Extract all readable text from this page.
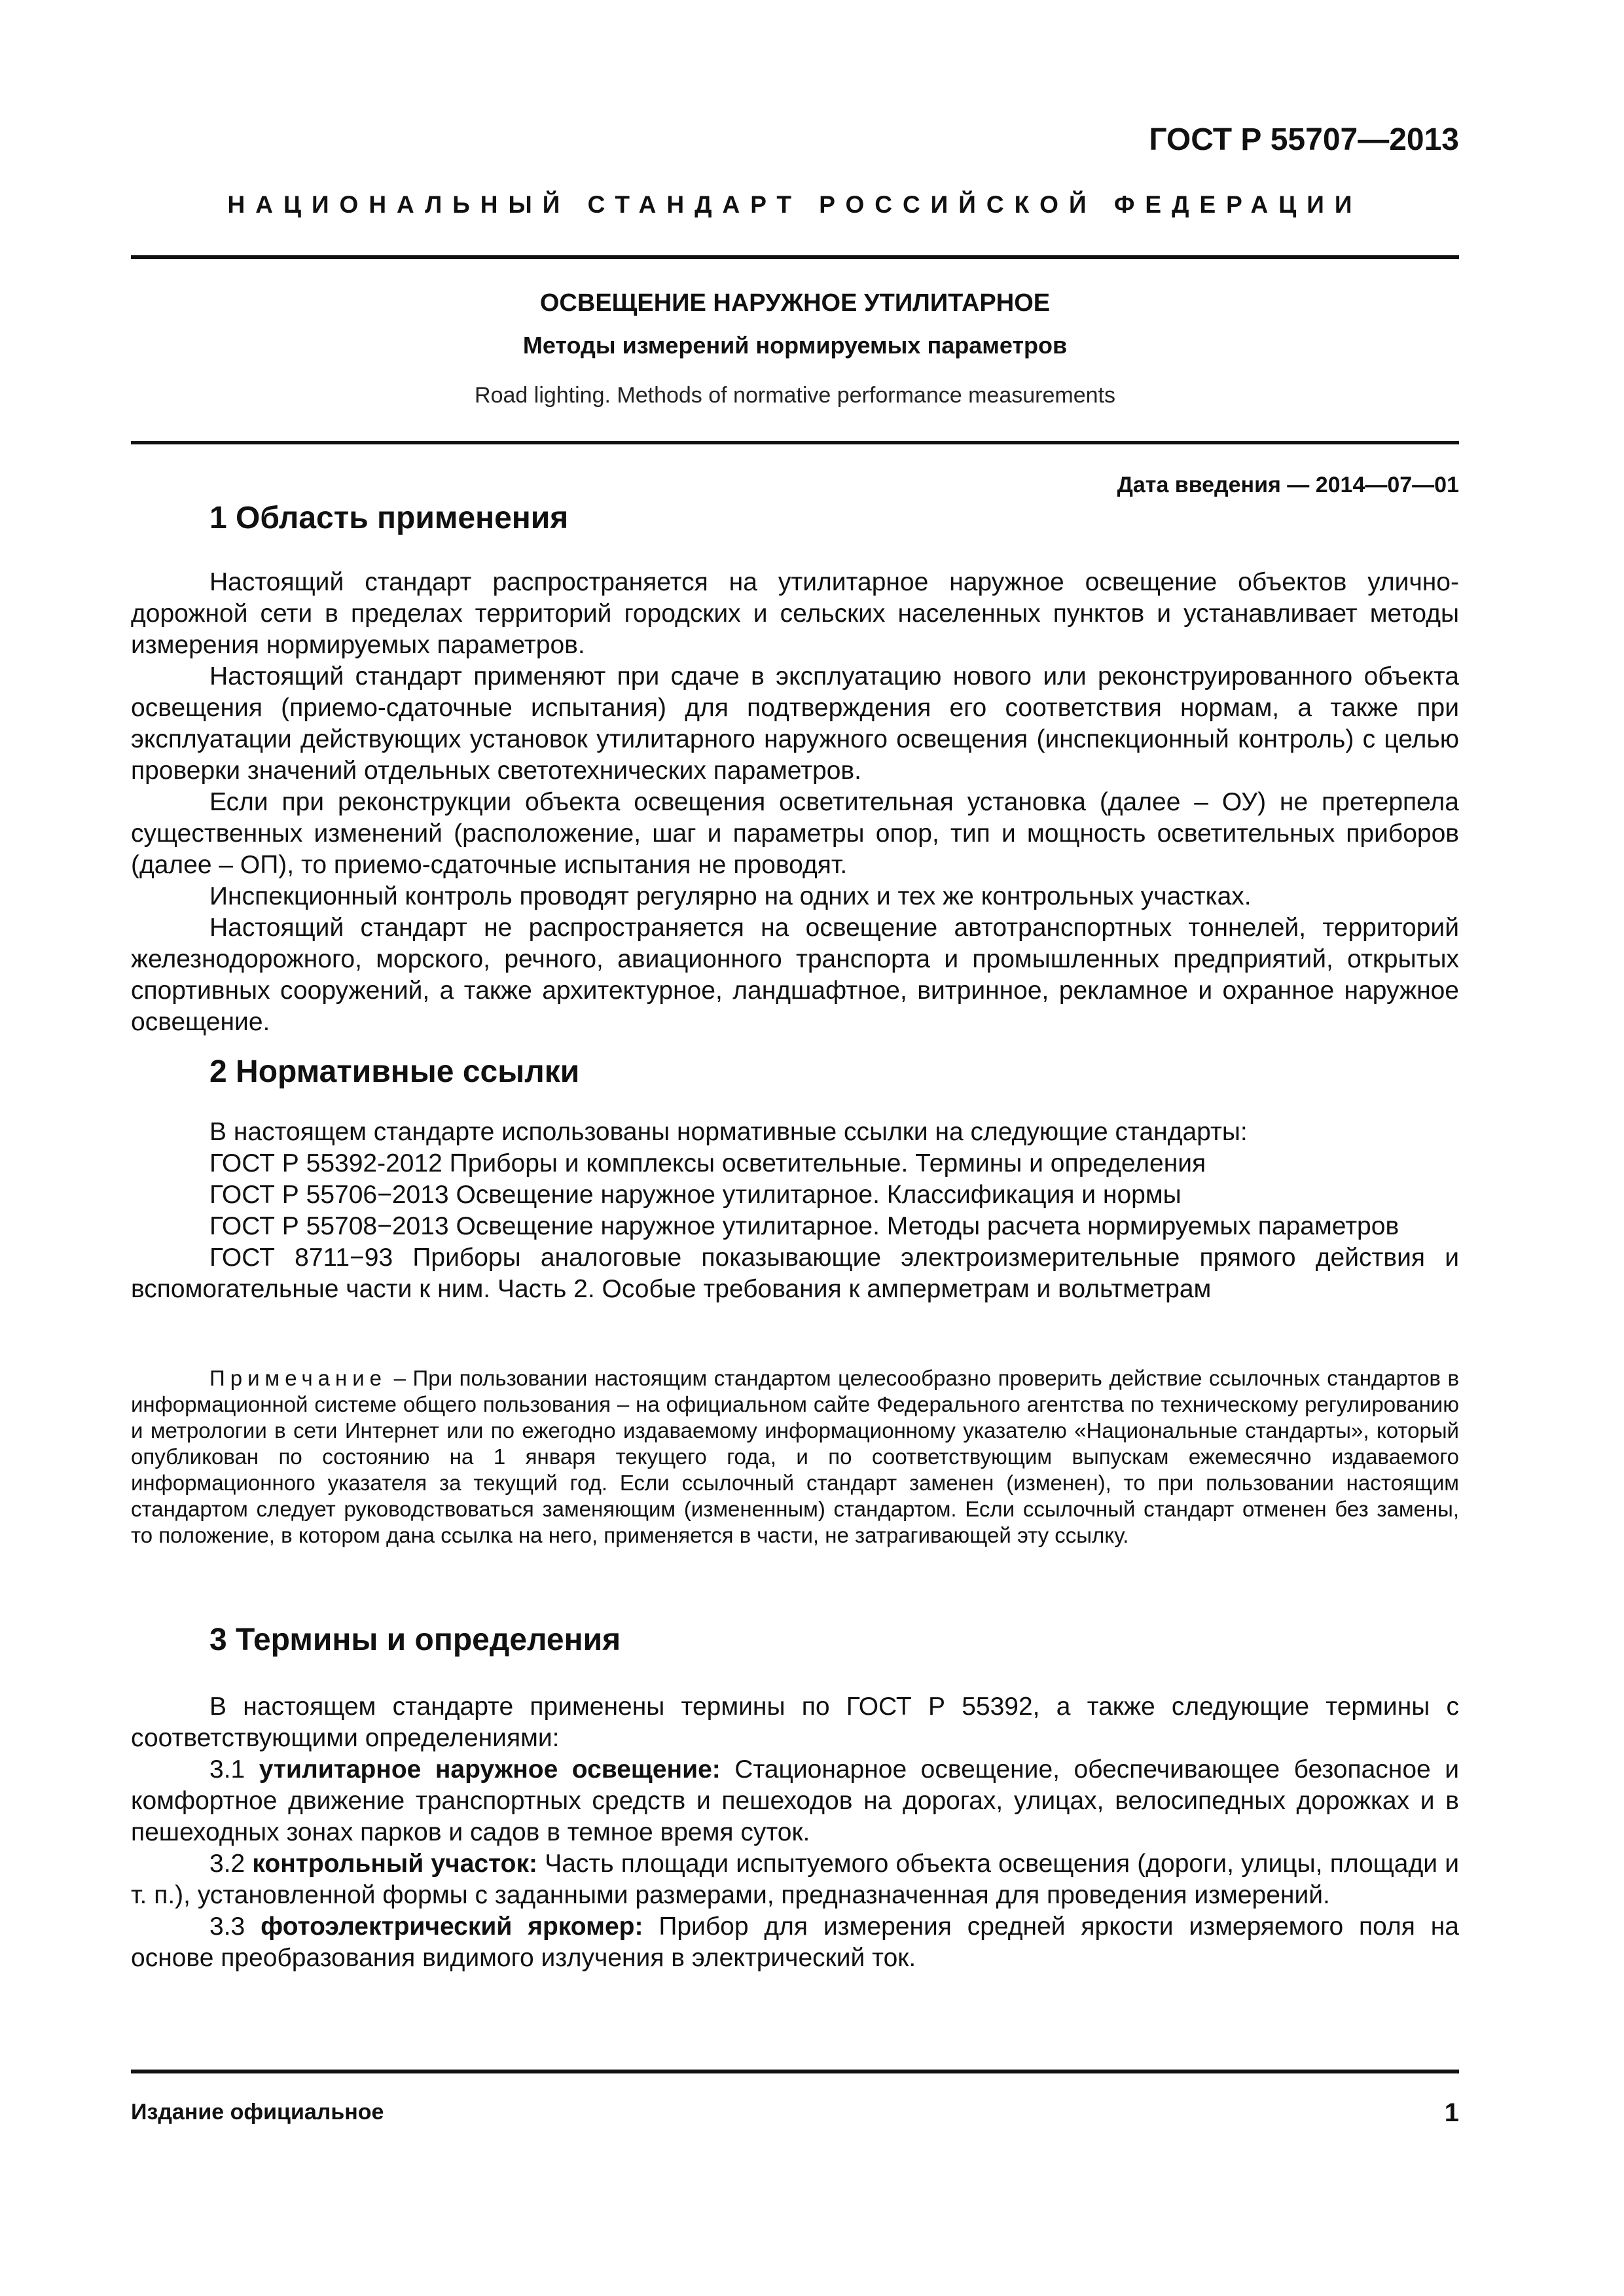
ГОСТ Р 55707—2013
НАЦИОНАЛЬНЫЙ СТАНДАРТ РОССИЙСКОЙ ФЕДЕРАЦИИ
ОСВЕЩЕНИЕ НАРУЖНОЕ УТИЛИТАРНОЕ
Методы измерений нормируемых параметров
Road lighting. Methods of normative performance measurements
Дата введения — 2014—07—01
1 Область применения
Настоящий стандарт распространяется на утилитарное наружное освещение объектов улично-дорожной сети в пределах территорий городских и сельских населенных пунктов и устанавливает методы измерения нормируемых параметров.
Настоящий стандарт применяют при сдаче в эксплуатацию нового или реконструированного объекта освещения (приемо-сдаточные испытания) для подтверждения его соответствия нормам, а также при эксплуатации действующих установок утилитарного наружного освещения (инспекционный контроль) с целью проверки значений отдельных светотехнических параметров.
Если при реконструкции объекта освещения осветительная установка (далее – ОУ) не претерпела существенных изменений (расположение, шаг и параметры опор, тип и мощность осветительных приборов (далее – ОП), то приемо-сдаточные испытания не проводят.
Инспекционный контроль проводят регулярно на одних и тех же контрольных участках.
Настоящий стандарт не распространяется на освещение автотранспортных тоннелей, территорий железнодорожного, морского, речного, авиационного транспорта и промышленных предприятий, открытых спортивных сооружений, а также архитектурное, ландшафтное, витринное, рекламное и охранное наружное освещение.
2 Нормативные ссылки
В настоящем стандарте использованы нормативные ссылки на следующие стандарты:
ГОСТ Р 55392-2012 Приборы и комплексы осветительные. Термины и определения
ГОСТ Р 55706−2013 Освещение наружное утилитарное. Классификация и нормы
ГОСТ Р 55708−2013 Освещение наружное утилитарное. Методы расчета нормируемых параметров
ГОСТ 8711−93 Приборы аналоговые показывающие электроизмерительные прямого действия и вспомогательные части к ним. Часть 2. Особые требования к амперметрам и вольтметрам
Примечание – При пользовании настоящим стандартом целесообразно проверить действие ссылочных стандартов в информационной системе общего пользования – на официальном сайте Федерального агентства по техническому регулированию и метрологии в сети Интернет или по ежегодно издаваемому информационному указателю «Национальные стандарты», который опубликован по состоянию на 1 января текущего года, и по соответствующим выпускам ежемесячно издаваемого информационного указателя за текущий год. Если ссылочный стандарт заменен (изменен), то при пользовании настоящим стандартом следует руководствоваться заменяющим (измененным) стандартом. Если ссылочный стандарт отменен без замены, то положение, в котором дана ссылка на него, применяется в части, не затрагивающей эту ссылку.
3 Термины и определения
В настоящем стандарте применены термины по ГОСТ Р 55392, а также следующие термины с соответствующими определениями:
3.1 утилитарное наружное освещение: Стационарное освещение, обеспечивающее безопасное и комфортное движение транспортных средств и пешеходов на дорогах, улицах, велосипедных дорожках и в пешеходных зонах парков и садов в темное время суток.
3.2 контрольный участок: Часть площади испытуемого объекта освещения (дороги, улицы, площади и т. п.), установленной формы с заданными размерами, предназначенная для проведения измерений.
3.3 фотоэлектрический яркомер: Прибор для измерения средней яркости измеряемого поля на основе преобразования видимого излучения в электрический ток.
Издание официальное	1
